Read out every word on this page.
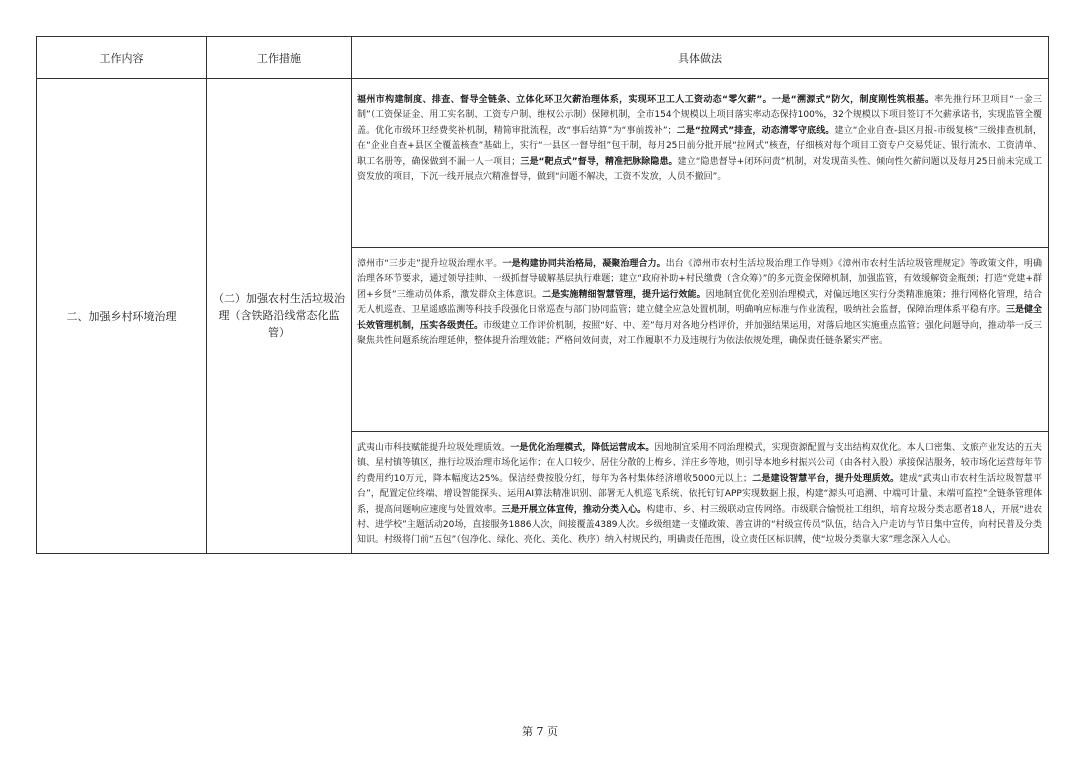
工作内容	工作措施	具体做法
二、加强乡村环境治理	（二）加强农村生活垃圾治理（含铁路沿线常态化监管）	福州市构建制度、排查、督导全链条、立体化环卫欠薪治理体系，实现环卫工人工资动态“零欠薪”。一是“溯源式”防欠，制度刚性筑根基。率先推行环卫项目“一金三制”（工资保证金、用工实名制、工资专户制、维权公示制）保障机制，全市154个规模以上项目落实率动态保持100%，32个规模以下项目签订不欠薪承诺书，实现监管全覆盖。优化市级环卫经费奖补机制，精简审批流程，改“事后结算”为“事前拨补”；二是“拉网式”排查，动态清零守底线。建立“企业自查-县区月报-市级复核”三级排查机制，在“企业自查+县区全覆盖核查”基础上，实行“一县区一督导组”包干制，每月25日前分批开展“拉网式”核查，仔细核对每个项目工资专户交易凭证、银行流水、工资清单、职工名册等，确保做到不漏一人一项目；三是“靶点式”督导，精准把脉除隐患。建立“隐患督导+闭环问责”机制，对发现苗头性、倾向性欠薪问题以及每月25日前未完成工资发放的项目，下沉一线开展点穴精准督导，做到“问题不解决，工资不发放，人员不撤回”。
漳州市“三步走”提升垃圾治理水平。一是构建协同共治格局，凝聚治理合力。出台《漳州市农村生活垃圾治理工作导则》《漳州市农村生活垃圾管理规定》等政策文件，明确治理各环节要求，通过领导挂帅、一级抓督导破解基层执行难题；建立“政府补助+村民缴费（含众筹）”的多元资金保障机制，加强监管，有效缓解资金瓶颈；打造“党建+群团+乡贤”三维动员体系，激发群众主体意识。二是实施精细智慧管理，提升运行效能。因地制宜优化差别治理模式，对偏远地区实行分类精准施策；推行网格化管理，结合无人机巡查、卫星遥感监测等科技手段强化日常巡查与部门协同监管；建立健全应急处置机制，明确响应标准与作业流程，吸纳社会监督，保障治理体系平稳有序。三是健全长效管理机制，压实各级责任。市级建立工作评价机制，按照“好、中、差”每月对各地分档评价，并加强结果运用，对落后地区实施重点监管；强化问题导向，推动举一反三聚焦共性问题系统治理延伸，整体提升治理效能；严格问效问责，对工作履职不力及违规行为依法依规处理，确保责任链条紧实严密。
武夷山市科技赋能提升垃圾处理质效。一是优化治理模式，降低运营成本。因地制宜采用不同治理模式，实现资源配置与支出结构双优化。本人口密集、文旅产业发达的五夫镇、星村镇等镇区，推行垃圾治理市场化运作；在人口较少、居住分散的上梅乡、洋庄乡等地，则引导本地乡村振兴公司（由各村入股）承接保洁服务，较市场化运营每年节约费用约10万元，降本幅度达25%。保洁经费按股分红，每年为各村集体经济增收5000元以上；二是建设智慧平台，提升处理质效。建成“武夷山市农村生活垃圾智慧平台”，配置定位终端、增设智能探头、运用AI算法精准识别、部署无人机巡飞系统、依托钉钉APP实现数据上报，构建“源头可追溯、中端可计量、末端可监控”全链条管理体系，提高问题响应速度与处置效率。三是开展立体宣传，推动分类入心。构建市、乡、村三级联动宣传网络。市级联合愉悦社工组织，培育垃圾分类志愿者18人，开展“进农村、进学校”主题活动20场，直接服务1886人次，间接覆盖4389人次。乡级组建一支懂政策、善宣讲的“村级宣传员”队伍，结合入户走访与节日集中宣传，向村民普及分类知识。村级将门前“五包”（包净化、绿化、亮化、美化、秩序）纳入村规民约，明确责任范围，设立责任区标识牌，使“垃圾分类靠大家”理念深入人心。
第 7 页
